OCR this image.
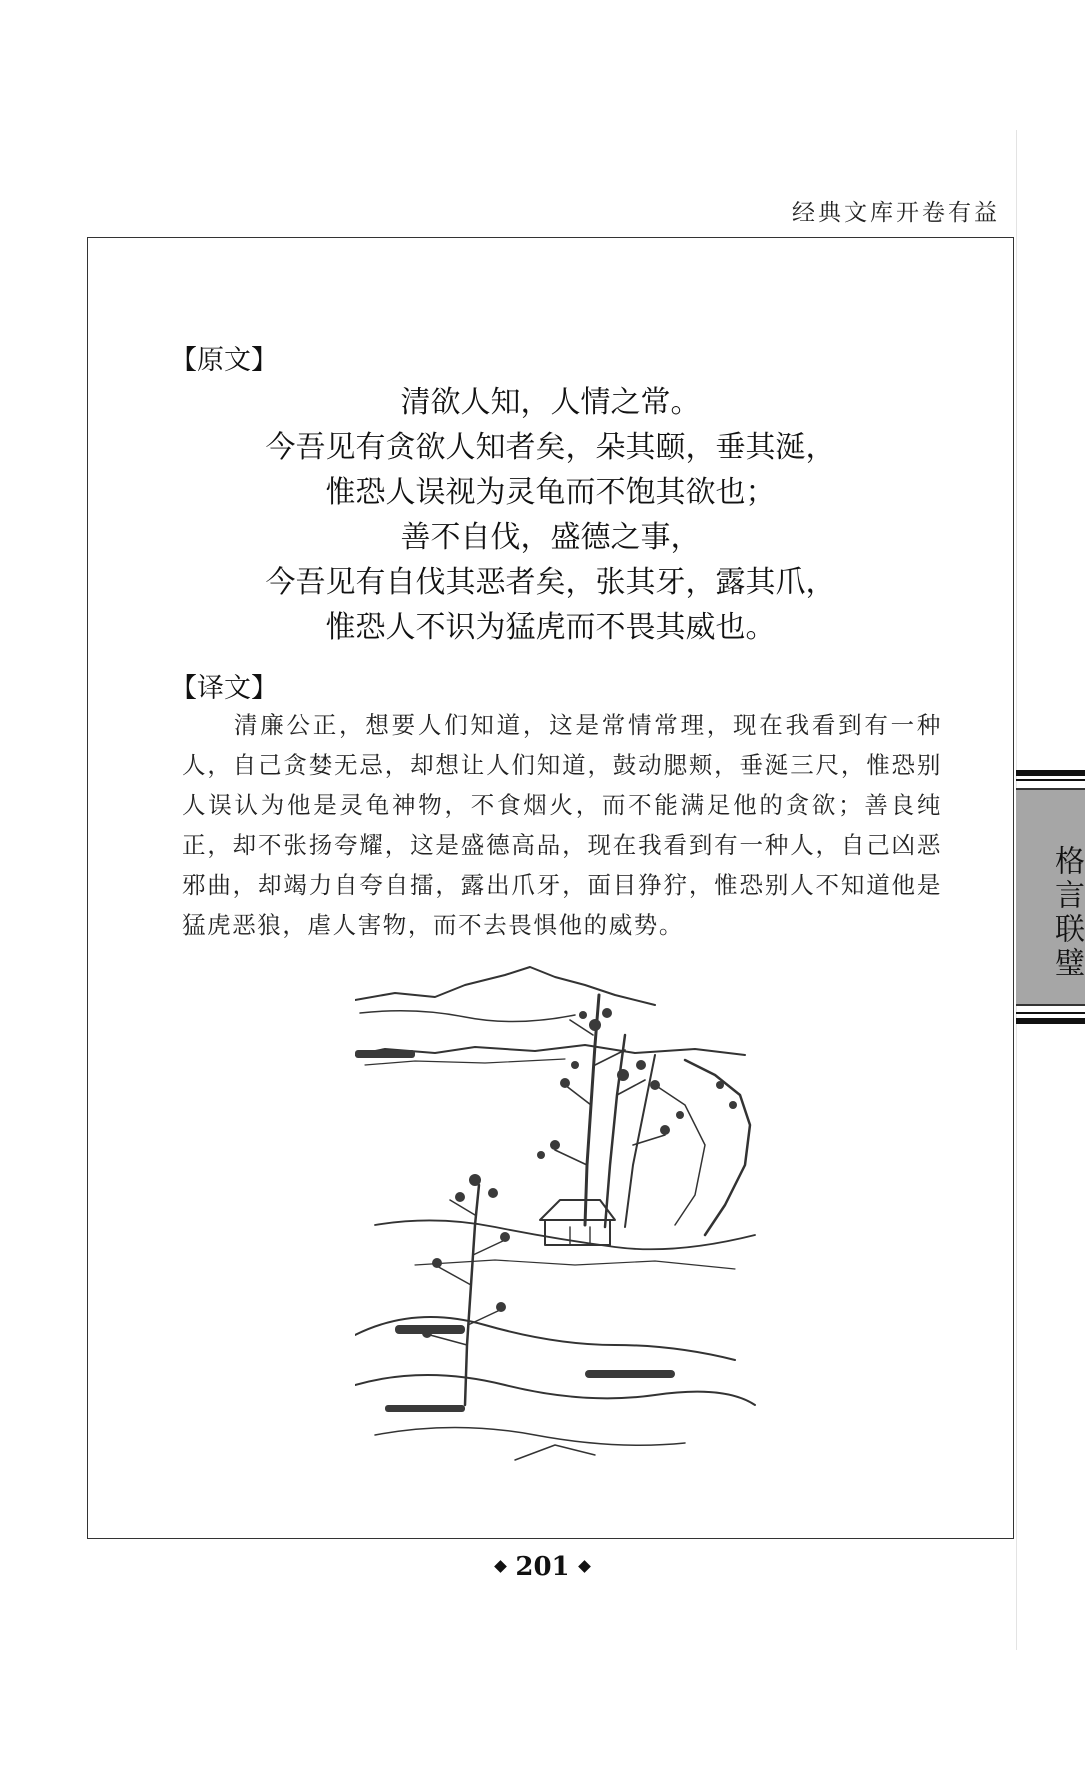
经典文库开卷有益
【原文】
清欲人知，人情之常。
今吾见有贪欲人知者矣，朵其颐，垂其涎，
惟恐人误视为灵龟而不饱其欲也；
善不自伐，盛德之事，
今吾见有自伐其恶者矣，张其牙，露其爪，
惟恐人不识为猛虎而不畏其威也。
【译文】
清廉公正，想要人们知道，这是常情常理，现在我看到有一种人，自己贪婪无忌，却想让人们知道，鼓动腮颊，垂涎三尺，惟恐别人误认为他是灵龟神物，不食烟火，而不能满足他的贪欲；善良纯正，却不张扬夸耀，这是盛德高品，现在我看到有一种人，自己凶恶邪曲，却竭力自夸自擂，露出爪牙，面目狰狞，惟恐别人不知道他是猛虎恶狼，虐人害物，而不去畏惧他的威势。	格言联璧
201
